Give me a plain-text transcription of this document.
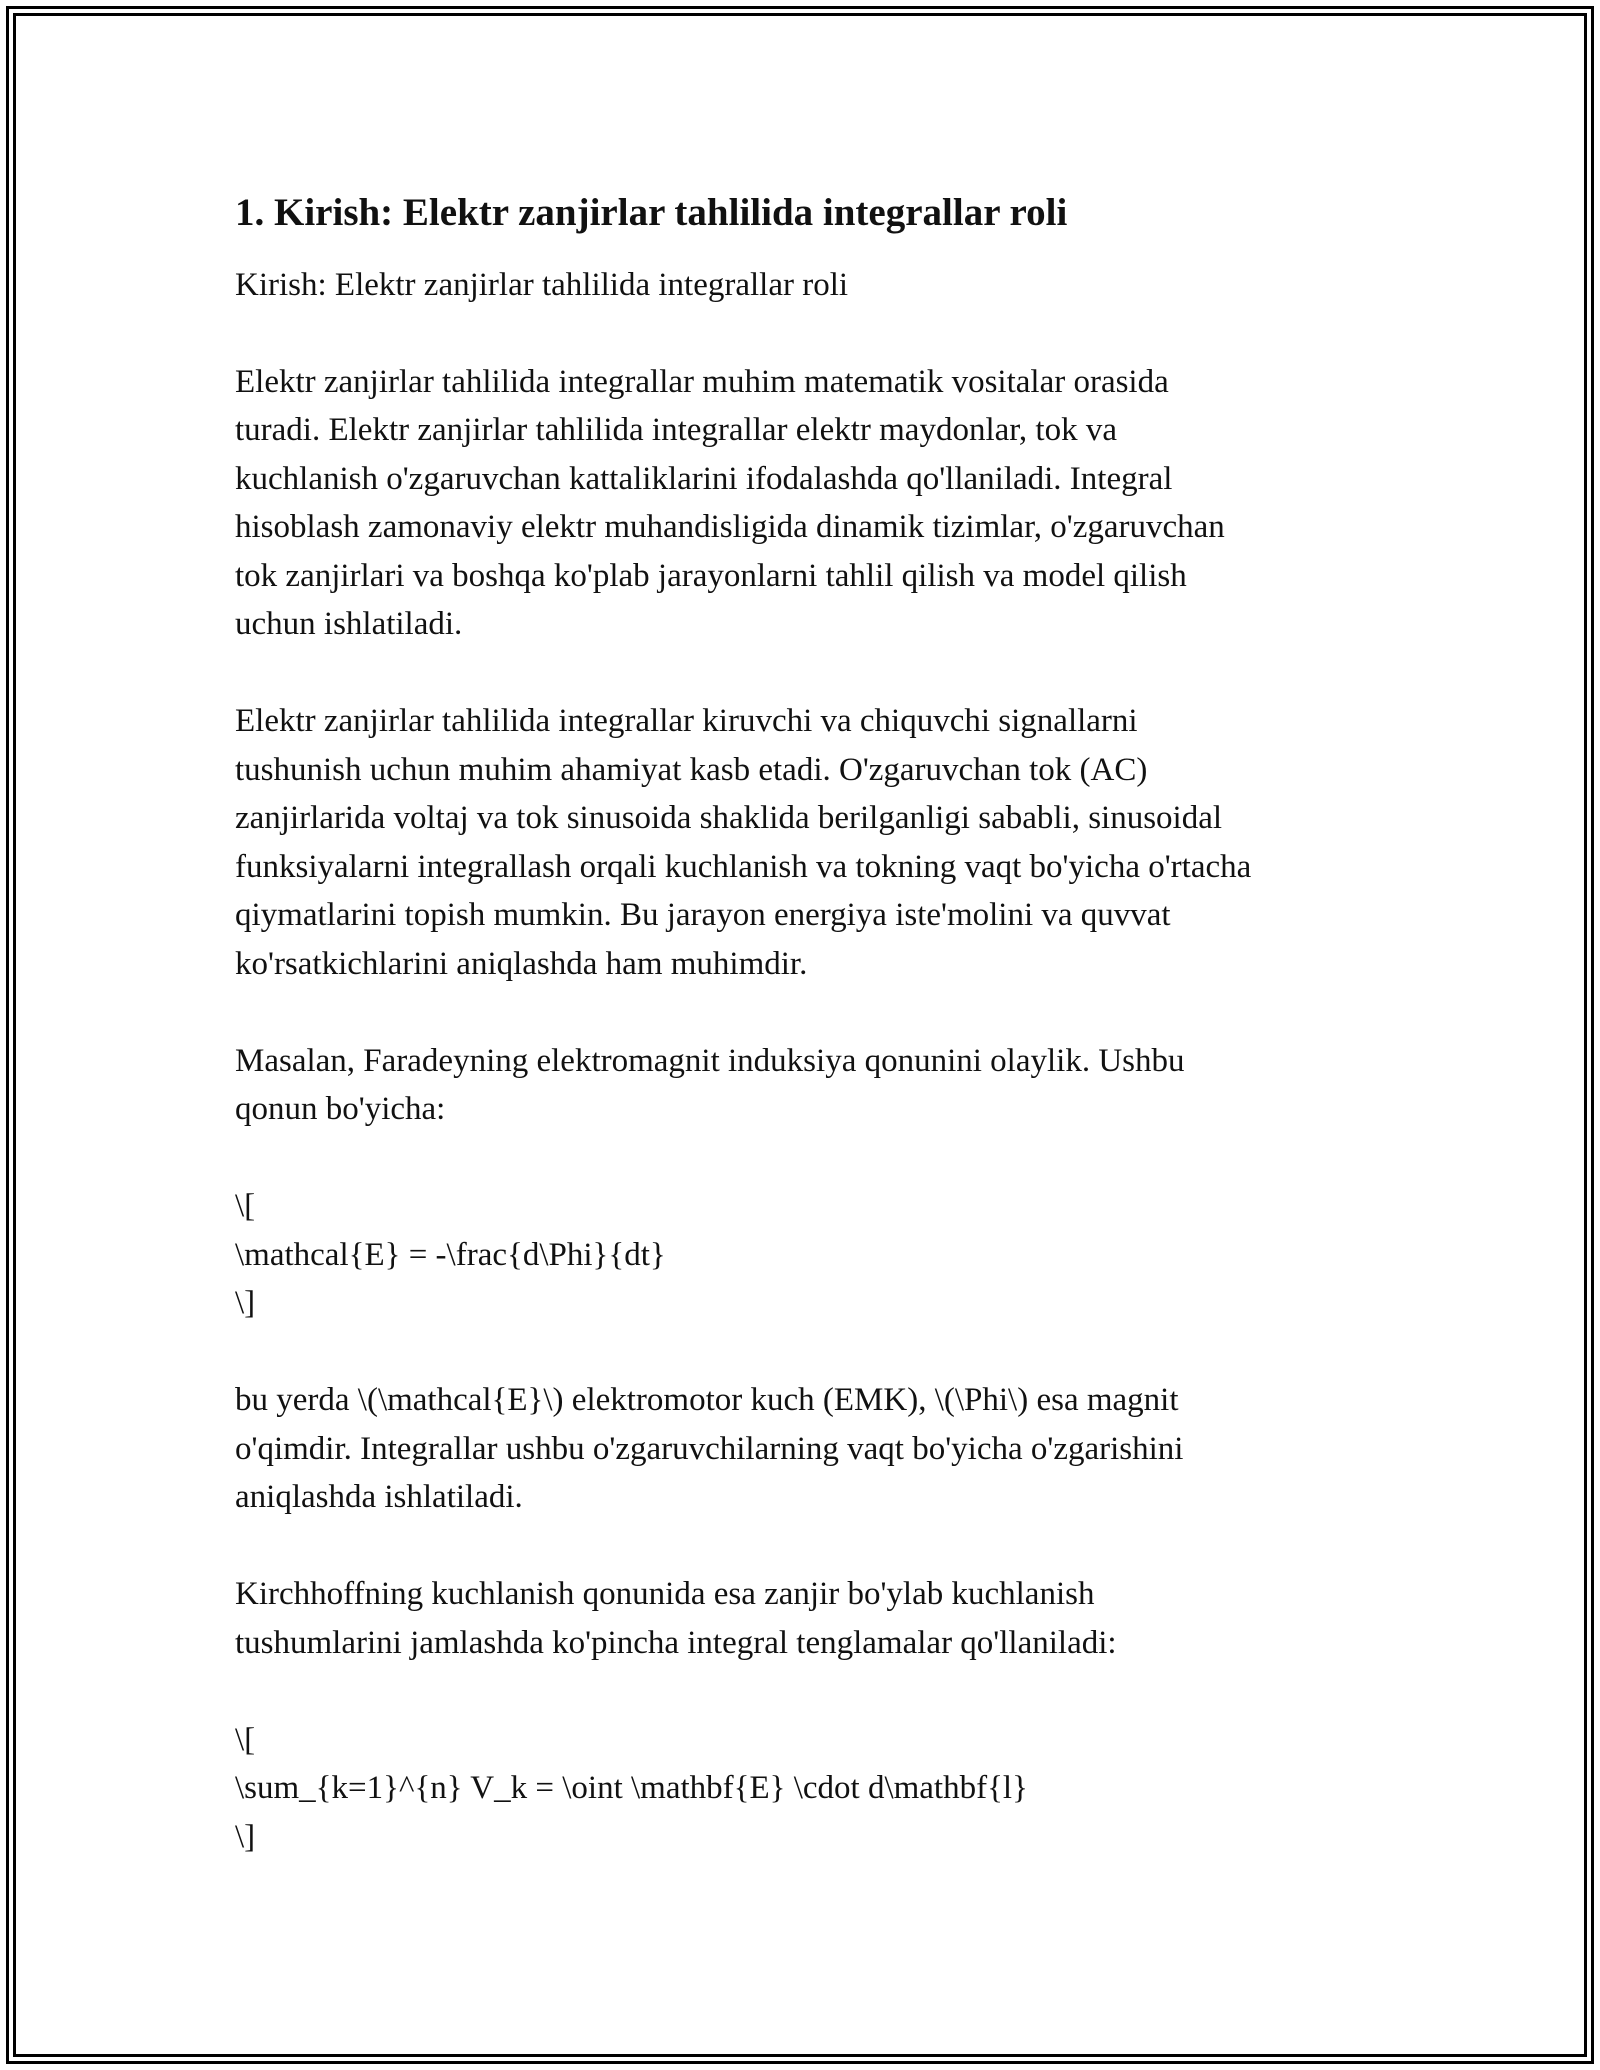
1. Kirish: Elektr zanjirlar tahlilida integrallar roli

Kirish: Elektr zanjirlar tahlilida integrallar roli

Elektr zanjirlar tahlilida integrallar muhim matematik vositalar orasida
turadi. Elektr zanjirlar tahlilida integrallar elektr maydonlar, tok va
kuchlanish o'zgaruvchan kattaliklarini ifodalashda qo'llaniladi. Integral
hisoblash zamonaviy elektr muhandisligida dinamik tizimlar, o'zgaruvchan
tok zanjirlari va boshqa ko'plab jarayonlarni tahlil qilish va model qilish
uchun ishlatiladi.

Elektr zanjirlar tahlilida integrallar kiruvchi va chiquvchi signallarni
tushunish uchun muhim ahamiyat kasb etadi. O'zgaruvchan tok (AC)
zanjirlarida voltaj va tok sinusoida shaklida berilganligi sababli, sinusoidal
funksiyalarni integrallash orqali kuchlanish va tokning vaqt bo'yicha o'rtacha
qiymatlarini topish mumkin. Bu jarayon energiya iste'molini va quvvat
ko'rsatkichlarini aniqlashda ham muhimdir.

Masalan, Faradeyning elektromagnit induksiya qonunini olaylik. Ushbu
qonun bo'yicha:

\[
\mathcal{E} = -\frac{d\Phi}{dt}
\]

bu yerda \(\mathcal{E}\) elektromotor kuch (EMK), \(\Phi\) esa magnit
o'qimdir. Integrallar ushbu o'zgaruvchilarning vaqt bo'yicha o'zgarishini
aniqlashda ishlatiladi.

Kirchhoffning kuchlanish qonunida esa zanjir bo'ylab kuchlanish
tushumlarini jamlashda ko'pincha integral tenglamalar qo'llaniladi:

\[
\sum_{k=1}^{n} V_k = \oint \mathbf{E} \cdot d\mathbf{l}
\]
